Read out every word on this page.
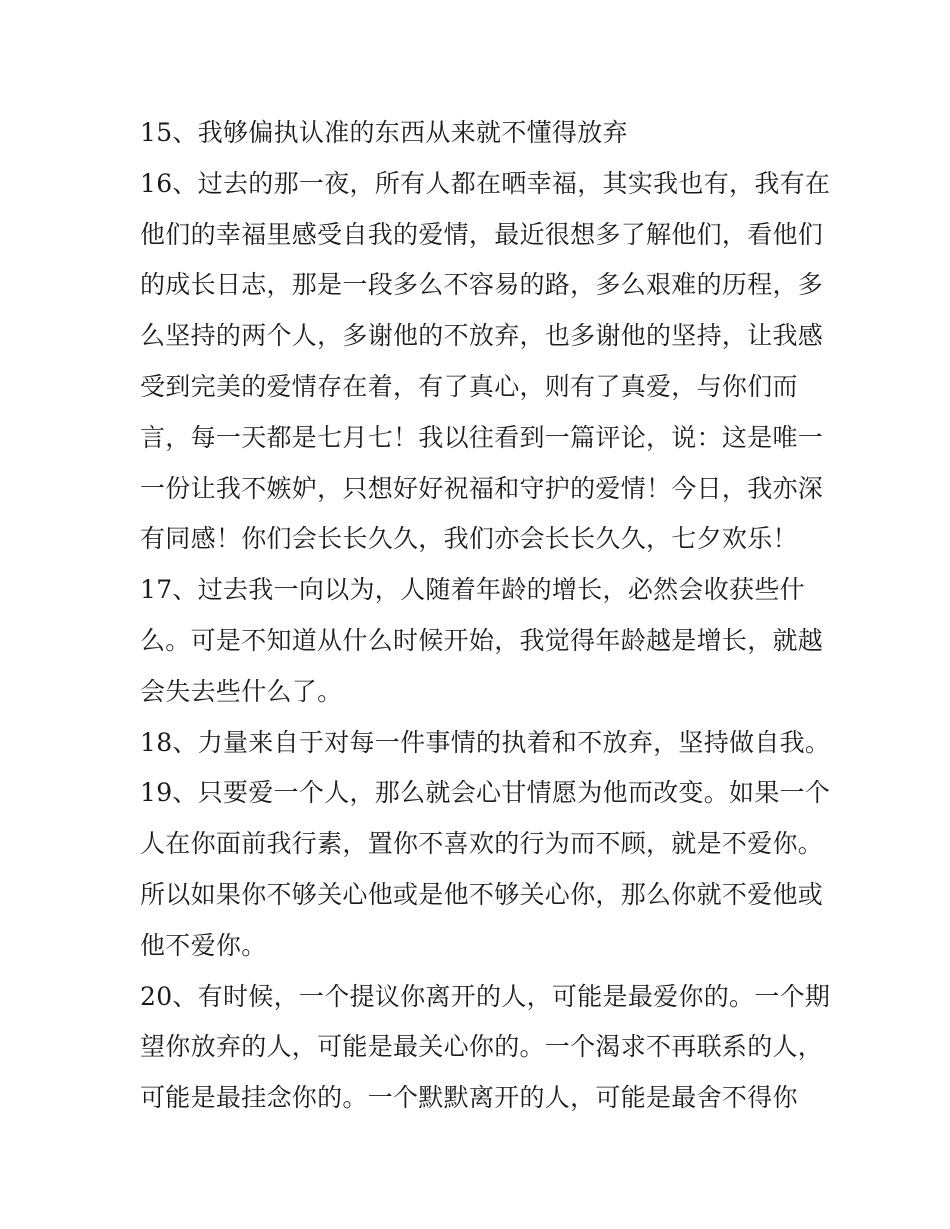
15、我够偏执认准的东西从来就不懂得放弃
16、过去的那一夜，所有人都在晒幸福，其实我也有，我有在
他们的幸福里感受自我的爱情，最近很想多了解他们，看他们
的成长日志，那是一段多么不容易的路，多么艰难的历程，多
么坚持的两个人，多谢他的不放弃，也多谢他的坚持，让我感
受到完美的爱情存在着，有了真心，则有了真爱，与你们而
言，每一天都是七月七！我以往看到一篇评论，说：这是唯一
一份让我不嫉妒，只想好好祝福和守护的爱情！今日，我亦深
有同感！你们会长长久久，我们亦会长长久久，七夕欢乐！
17、过去我一向以为，人随着年龄的增长，必然会收获些什
么。可是不知道从什么时候开始，我觉得年龄越是增长，就越
会失去些什么了。
18、力量来自于对每一件事情的执着和不放弃，坚持做自我。
19、只要爱一个人，那么就会心甘情愿为他而改变。如果一个
人在你面前我行素，置你不喜欢的行为而不顾，就是不爱你。
所以如果你不够关心他或是他不够关心你，那么你就不爱他或
他不爱你。
20、有时候，一个提议你离开的人，可能是最爱你的。一个期
望你放弃的人，可能是最关心你的。一个渴求不再联系的人，
可能是最挂念你的。一个默默离开的人，可能是最舍不得你
